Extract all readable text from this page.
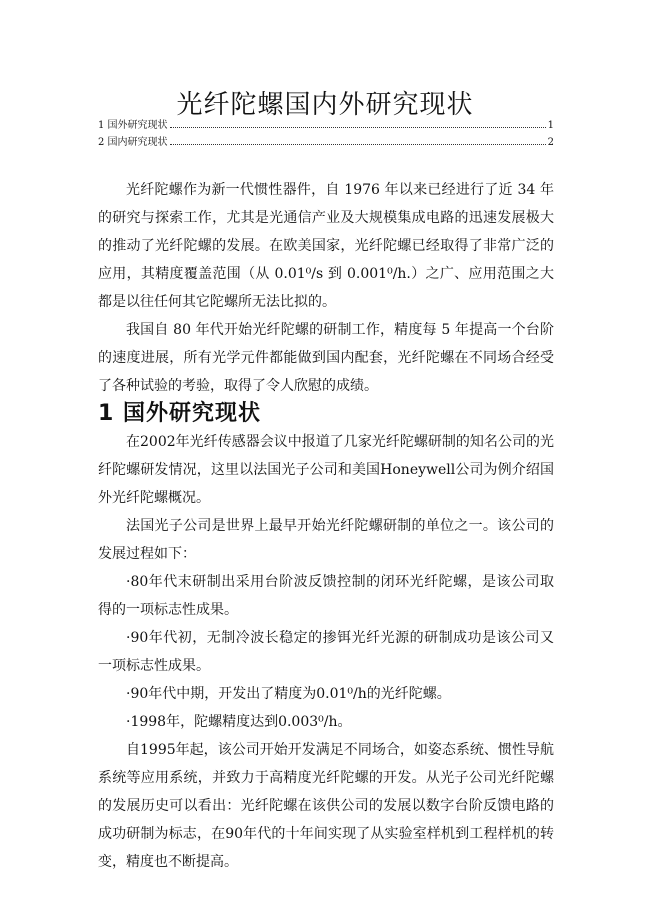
光纤陀螺国内外研究现状
1 国外研究现状	1
2 国内研究现状	2

光纤陀螺作为新一代惯性器件，自 1976 年以来已经进行了近 34 年的研究与探索工作，尤其是光通信产业及大规模集成电路的迅速发展极大的推动了光纤陀螺的发展。在欧美国家，光纤陀螺已经取得了非常广泛的应用，其精度覆盖范围（从 0.01⁰/s 到 0.001⁰/h.）之广、应用范围之大都是以往任何其它陀螺所无法比拟的。

我国自 80 年代开始光纤陀螺的研制工作，精度每 5 年提高一个台阶的速度进展，所有光学元件都能做到国内配套，光纤陀螺在不同场合经受了各种试验的考验，取得了令人欣慰的成绩。

1 国外研究现状

在2002年光纤传感器会议中报道了几家光纤陀螺研制的知名公司的光纤陀螺研发情况，这里以法国光子公司和美国Honeywell公司为例介绍国外光纤陀螺概况。

法国光子公司是世界上最早开始光纤陀螺研制的单位之一。该公司的发展过程如下：

·80年代末研制出采用台阶波反馈控制的闭环光纤陀螺，是该公司取得的一项标志性成果。

·90年代初，无制冷波长稳定的掺铒光纤光源的研制成功是该公司又一项标志性成果。

·90年代中期，开发出了精度为0.01⁰/h的光纤陀螺。

·1998年，陀螺精度达到0.003⁰/h。

自1995年起，该公司开始开发满足不同场合，如姿态系统、惯性导航系统等应用系统，并致力于高精度光纤陀螺的开发。从光子公司光纤陀螺的发展历史可以看出：光纤陀螺在该供公司的发展以数字台阶反馈电路的成功研制为标志，在90年代的十年间实现了从实验室样机到工程样机的转变，精度也不断提高。
